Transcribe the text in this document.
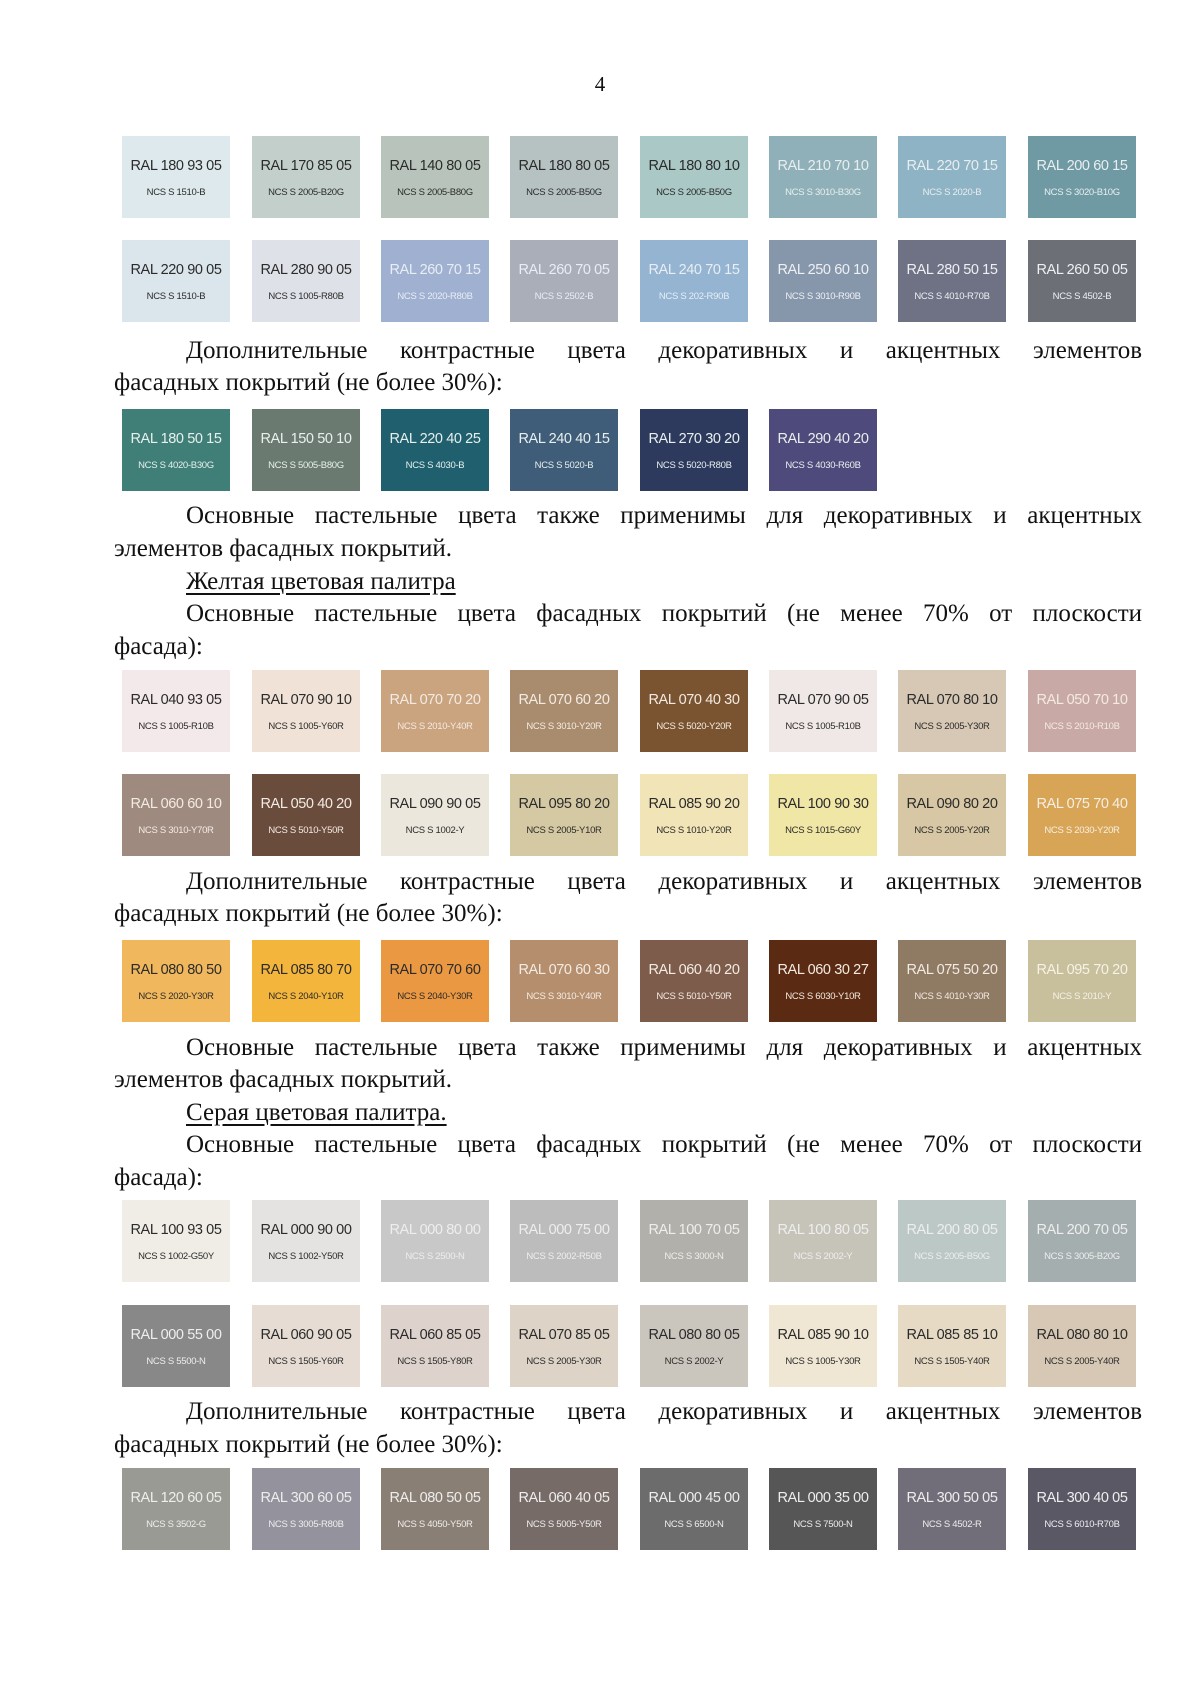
4
RAL 180 93 05
NCS S 1510-B
RAL 170 85 05
NCS S 2005-B20G
RAL 140 80 05
NCS S 2005-B80G
RAL 180 80 05
NCS S 2005-B50G
RAL 180 80 10
NCS S 2005-B50G
RAL 210 70 10
NCS S 3010-B30G
RAL 220 70 15
NCS S 2020-B
RAL 200 60 15
NCS S 3020-B10G
RAL 220 90 05
NCS S 1510-B
RAL 280 90 05
NCS S 1005-R80B
RAL 260 70 15
NCS S 2020-R80B
RAL 260 70 05
NCS S 2502-B
RAL 240 70 15
NCS S 202-R90B
RAL 250 60 10
NCS S 3010-R90B
RAL 280 50 15
NCS S 4010-R70B
RAL 260 50 05
NCS S 4502-B
Дополнительные контрастные цвета декоративных и акцентных элементов
фасадных покрытий (не более 30%):
RAL 180 50 15
NCS S 4020-B30G
RAL 150 50 10
NCS S 5005-B80G
RAL 220 40 25
NCS S 4030-B
RAL 240 40 15
NCS S 5020-B
RAL 270 30 20
NCS S 5020-R80B
RAL 290 40 20
NCS S 4030-R60B
Основные пастельные цвета также применимы для декоративных и акцентных
элементов фасадных покрытий.
Желтая цветовая палитра
Основные пастельные цвета фасадных покрытий (не менее 70% от плоскости
фасада):
RAL 040 93 05
NCS S 1005-R10B
RAL 070 90 10
NCS S 1005-Y60R
RAL 070 70 20
NCS S 2010-Y40R
RAL 070 60 20
NCS S 3010-Y20R
RAL 070 40 30
NCS S 5020-Y20R
RAL 070 90 05
NCS S 1005-R10B
RAL 070 80 10
NCS S 2005-Y30R
RAL 050 70 10
NCS S 2010-R10B
RAL 060 60 10
NCS S 3010-Y70R
RAL 050 40 20
NCS S 5010-Y50R
RAL 090 90 05
NCS S 1002-Y
RAL 095 80 20
NCS S 2005-Y10R
RAL 085 90 20
NCS S 1010-Y20R
RAL 100 90 30
NCS S 1015-G60Y
RAL 090 80 20
NCS S 2005-Y20R
RAL 075 70 40
NCS S 2030-Y20R
Дополнительные контрастные цвета декоративных и акцентных элементов
фасадных покрытий (не более 30%):
RAL 080 80 50
NCS S 2020-Y30R
RAL 085 80 70
NCS S 2040-Y10R
RAL 070 70 60
NCS S 2040-Y30R
RAL 070 60 30
NCS S 3010-Y40R
RAL 060 40 20
NCS S 5010-Y50R
RAL 060 30 27
NCS S 6030-Y10R
RAL 075 50 20
NCS S 4010-Y30R
RAL 095 70 20
NCS S 2010-Y
Основные пастельные цвета также применимы для декоративных и акцентных
элементов фасадных покрытий.
Серая цветовая палитра.
Основные пастельные цвета фасадных покрытий (не менее 70% от плоскости
фасада):
RAL 100 93 05
NCS S 1002-G50Y
RAL 000 90 00
NCS S 1002-Y50R
RAL 000 80 00
NCS S 2500-N
RAL 000 75 00
NCS S 2002-R50B
RAL 100 70 05
NCS S 3000-N
RAL 100 80 05
NCS S 2002-Y
RAL 200 80 05
NCS S 2005-B50G
RAL 200 70 05
NCS S 3005-B20G
RAL 000 55 00
NCS S 5500-N
RAL 060 90 05
NCS S 1505-Y60R
RAL 060 85 05
NCS S 1505-Y80R
RAL 070 85 05
NCS S 2005-Y30R
RAL 080 80 05
NCS S 2002-Y
RAL 085 90 10
NCS S 1005-Y30R
RAL 085 85 10
NCS S 1505-Y40R
RAL 080 80 10
NCS S 2005-Y40R
Дополнительные контрастные цвета декоративных и акцентных элементов
фасадных покрытий (не более 30%):
RAL 120 60 05
NCS S 3502-G
RAL 300 60 05
NCS S 3005-R80B
RAL 080 50 05
NCS S 4050-Y50R
RAL 060 40 05
NCS S 5005-Y50R
RAL 000 45 00
NCS S 6500-N
RAL 000 35 00
NCS S 7500-N
RAL 300 50 05
NCS S 4502-R
RAL 300 40 05
NCS S 6010-R70B
